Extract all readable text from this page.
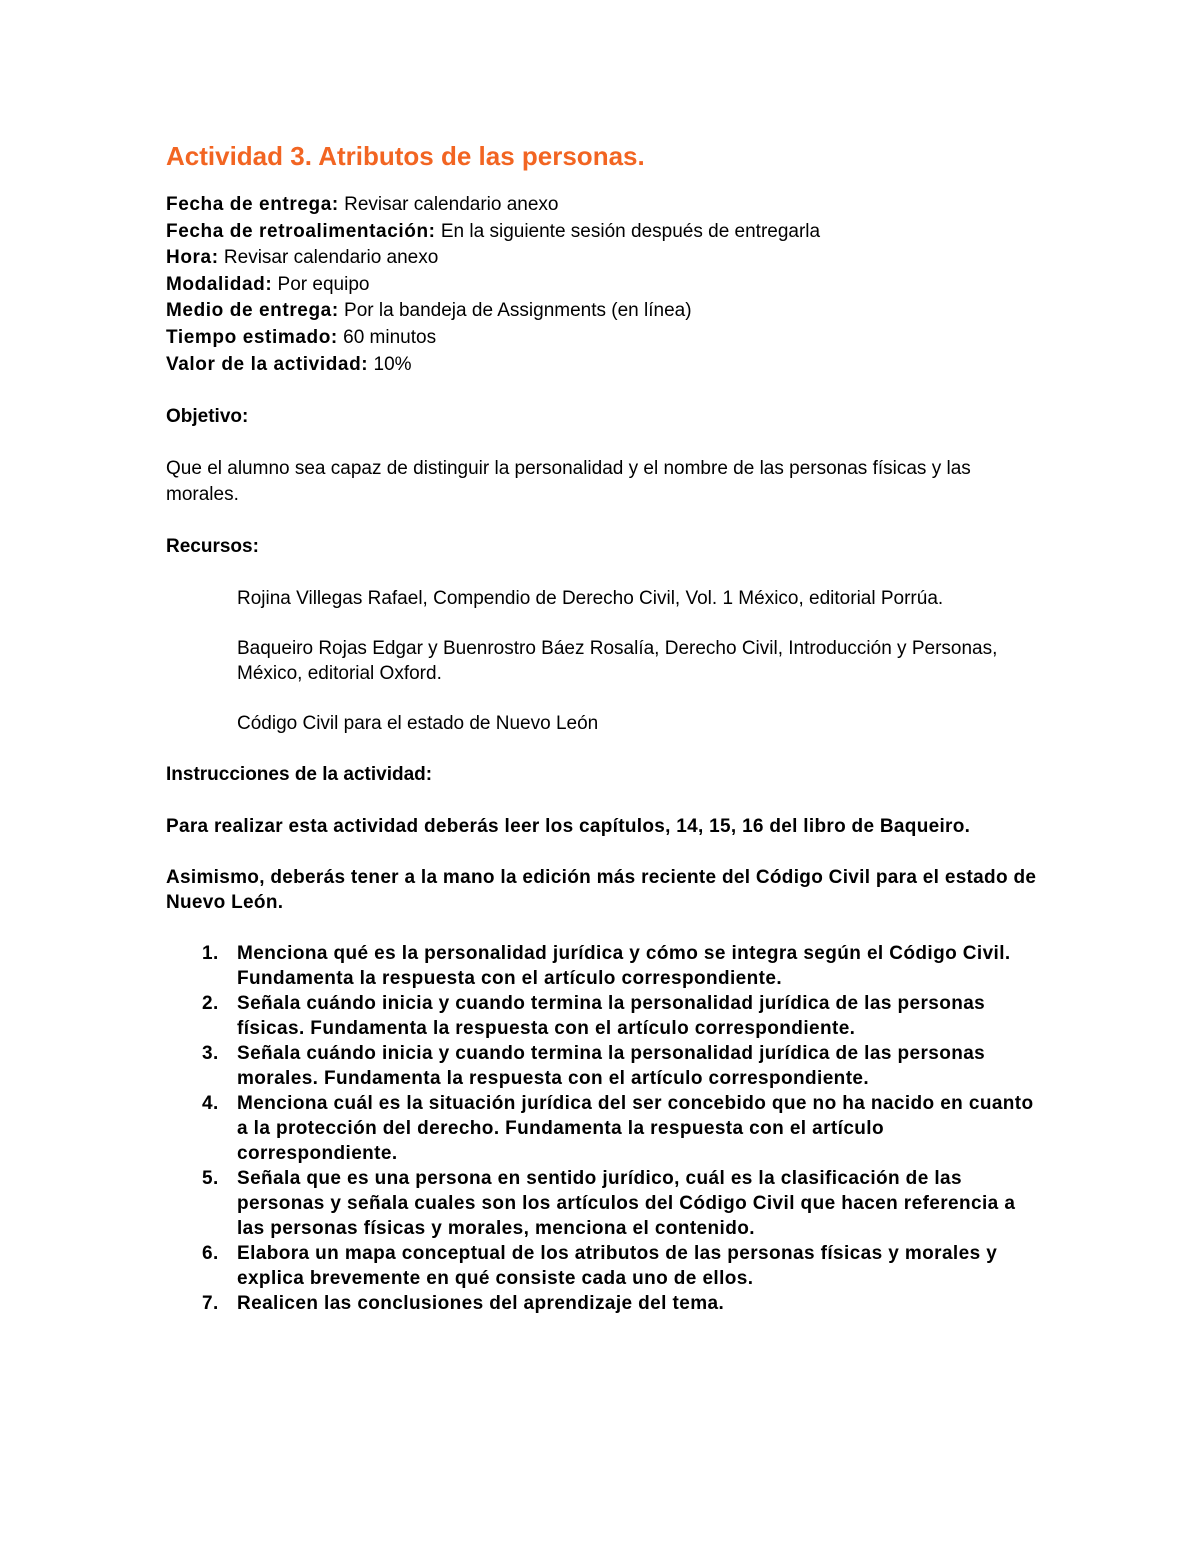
Actividad 3. Atributos de las personas.

Fecha de entrega: Revisar calendario anexo

Fecha de retroalimentación: En la siguiente sesión después de entregarla

Hora: Revisar calendario anexo

Modalidad: Por equipo

Medio de entrega: Por la bandeja de Assignments (en línea)

Tiempo estimado: 60 minutos

Valor de la actividad: 10%

Objetivo:

Que el alumno sea capaz de distinguir la personalidad y el nombre de las personas físicas y las morales.

Recursos:

Rojina Villegas Rafael, Compendio de Derecho Civil, Vol. 1 México, editorial Porrúa.

Baqueiro Rojas Edgar y Buenrostro Báez Rosalía, Derecho Civil, Introducción y Personas, México, editorial Oxford.

Código Civil para el estado de Nuevo León

Instrucciones de la actividad:

Para realizar esta actividad deberás leer los capítulos, 14, 15, 16 del libro de Baqueiro.

Asimismo, deberás tener a la mano la edición más reciente del Código Civil para el estado de Nuevo León.

1. Menciona qué es la personalidad jurídica y cómo se integra según el Código Civil. Fundamenta la respuesta con el artículo correspondiente.
2. Señala cuándo inicia y cuando termina la personalidad jurídica de las personas físicas. Fundamenta la respuesta con el artículo correspondiente.
3. Señala cuándo inicia y cuando termina la personalidad jurídica de las personas morales. Fundamenta la respuesta con el artículo correspondiente.
4. Menciona cuál es la situación jurídica del ser concebido que no ha nacido en cuanto a la protección del derecho. Fundamenta la respuesta con el artículo correspondiente.
5. Señala que es una persona en sentido jurídico, cuál es la clasificación de las personas y señala cuales son los artículos del Código Civil que hacen referencia a las personas físicas y morales, menciona el contenido.
6. Elabora un mapa conceptual de los atributos de las personas físicas y morales y explica brevemente en qué consiste cada uno de ellos.
7. Realicen las conclusiones del aprendizaje del tema.
